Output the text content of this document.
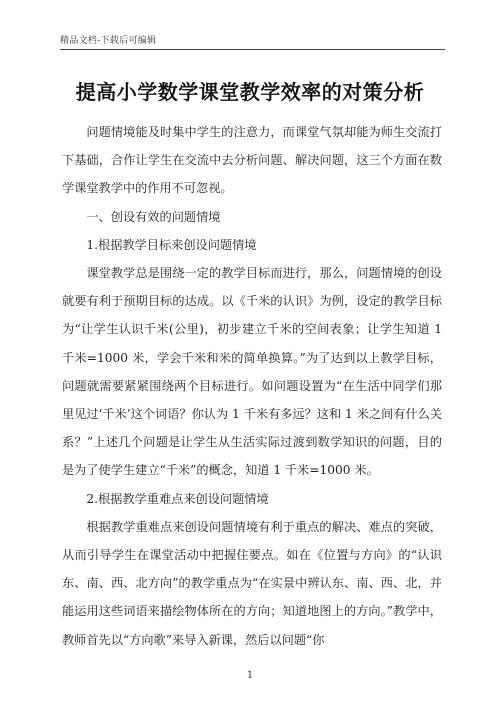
精品文档-下载后可编辑
提高小学数学课堂教学效率的对策分析

问题情境能及时集中学生的注意力，而课堂气氛却能为师生交流打下基础，合作让学生在交流中去分析问题、解决问题，这三个方面在数学课堂教学中的作用不可忽视。

一、创设有效的问题情境

1.根据教学目标来创设问题情境

课堂教学总是围绕一定的教学目标而进行，那么，问题情境的创设就要有利于预期目标的达成。以《千米的认识》为例，设定的教学目标为“让学生认识千米(公里)，初步建立千米的空间表象；让学生知道 1 千米=1000 米，学会千米和米的简单换算。”为了达到以上教学目标，问题就需要紧紧围绕两个目标进行。如问题设置为“在生活中同学们那里见过‘千米’这个词语？你认为 1 千米有多远？这和 1 米之间有什么关系？”上述几个问题是让学生从生活实际过渡到数学知识的问题，目的是为了使学生建立“千米”的概念，知道 1 千米=1000 米。

2.根据教学重难点来创设问题情境

根据教学重难点来创设问题情境有利于重点的解决、难点的突破，从而引导学生在课堂活动中把握住要点。如在《位置与方向》的“认识东、南、西、北方向”的教学重点为“在实景中辨认东、南、西、北，并能运用这些词语来描绘物体所在的方向；知道地图上的方向。”教学中，教师首先以“方向歌”来导入新课，然后以问题“你

1
